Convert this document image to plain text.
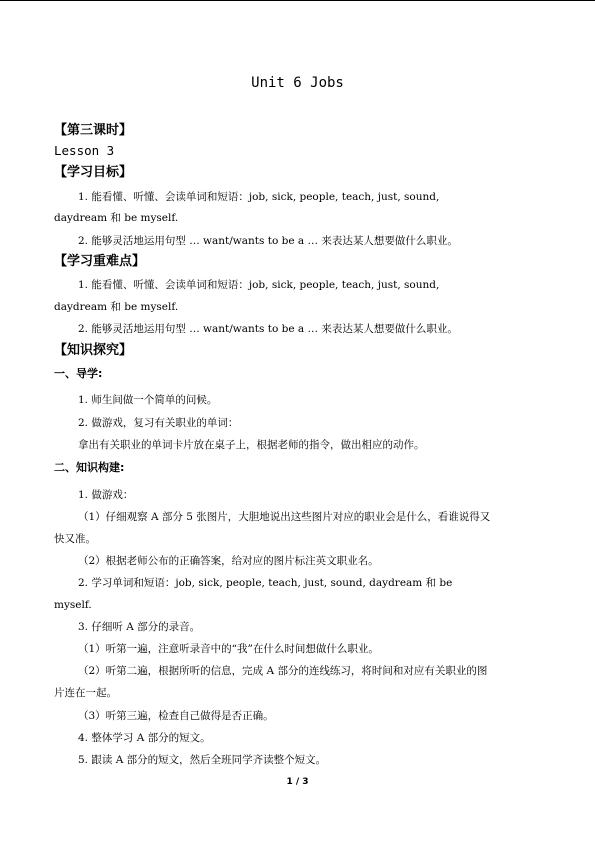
Unit 6 Jobs
【第三课时】
Lesson 3
【学习目标】
1. 能看懂、听懂、会读单词和短语：job, sick, people, teach, just, sound,
daydream 和 be myself.
2. 能够灵活地运用句型 … want/wants to be a … 来表达某人想要做什么职业。
【学习重难点】
1. 能看懂、听懂、会读单词和短语：job, sick, people, teach, just, sound,
daydream 和 be myself.
2. 能够灵活地运用句型 … want/wants to be a … 来表达某人想要做什么职业。
【知识探究】
一、导学:
1. 师生间做一个简单的问候。
2. 做游戏，复习有关职业的单词：
拿出有关职业的单词卡片放在桌子上，根据老师的指令，做出相应的动作。
二、知识构建:
1. 做游戏：
（1）仔细观察 A 部分 5 张图片，大胆地说出这些图片对应的职业会是什么，看谁说得又
快又准。
（2）根据老师公布的正确答案，给对应的图片标注英文职业名。
2. 学习单词和短语：job, sick, people, teach, just, sound, daydream 和 be
myself.
3. 仔细听 A 部分的录音。
（1）听第一遍，注意听录音中的“我”在什么时间想做什么职业。
（2）听第二遍，根据所听的信息，完成 A 部分的连线练习，将时间和对应有关职业的图
片连在一起。
（3）听第三遍，检查自己做得是否正确。
4. 整体学习 A 部分的短文。
5. 跟读 A 部分的短文，然后全班同学齐读整个短文。
1 / 3
